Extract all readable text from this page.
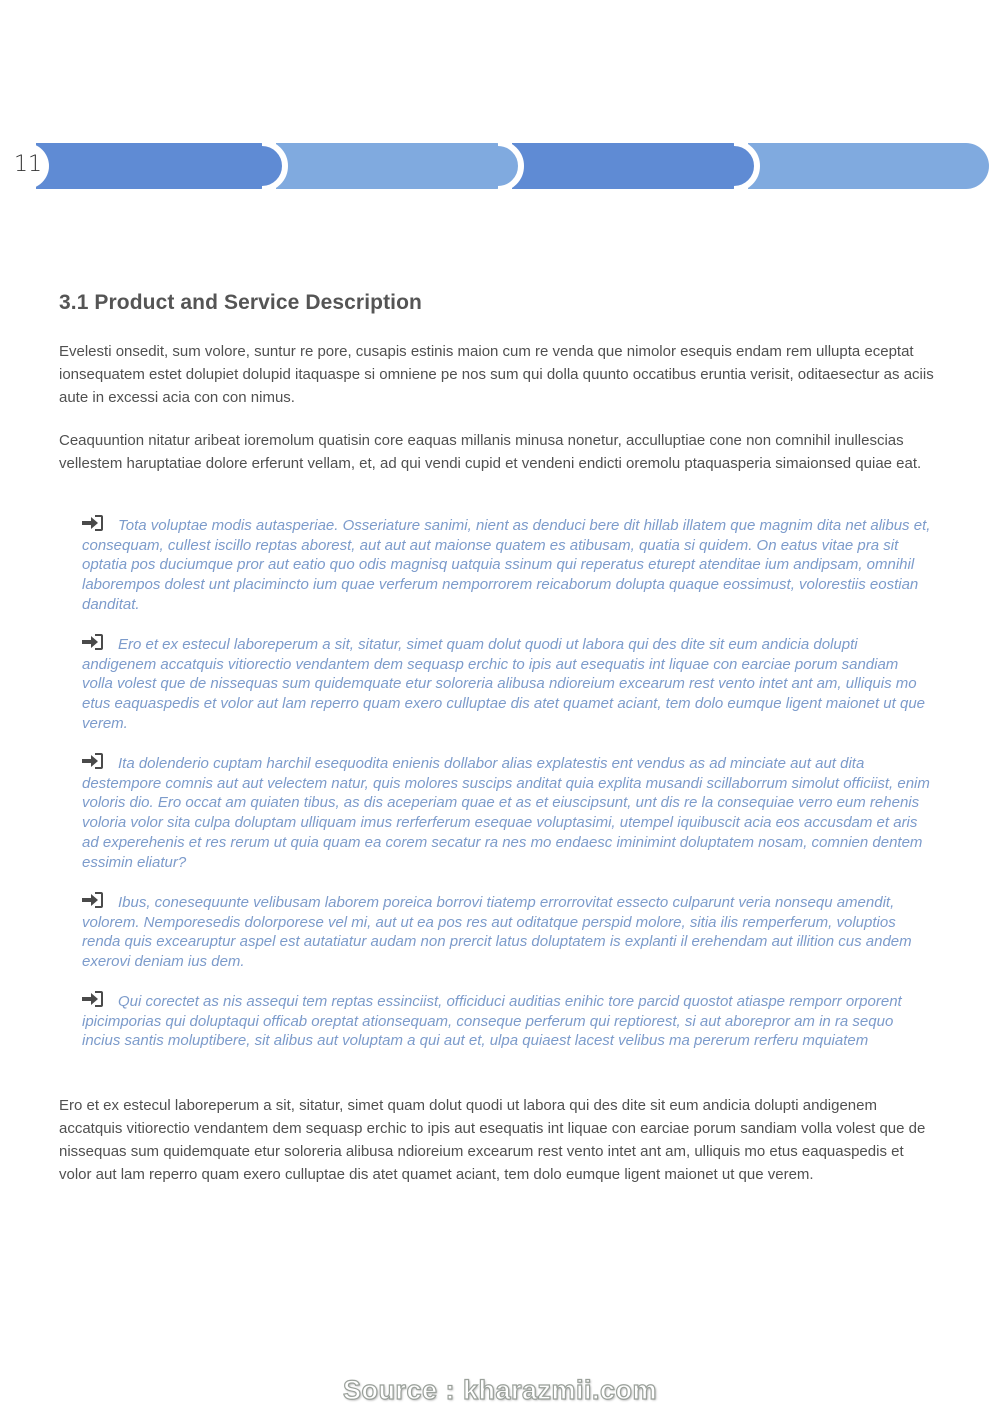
11
3.1 Product and Service Description

Evelesti onsedit, sum volore, suntur re pore, cusapis estinis maion cum re venda que nimolor esequis endam rem ullupta eceptat ionsequatem estet dolupiet dolupid itaquaspe si omniene pe nos sum qui dolla quunto occatibus eruntia verisit, oditaesectur as aciis aute in excessi acia con con nimus.

Ceaquuntion nitatur aribeat ioremolum quatisin core eaquas millanis minusa nonetur, acculluptiae cone non comnihil inullescias vellestem haruptatiae dolore erferunt vellam, et, ad qui vendi cupid et vendeni endicti oremolu ptaquasperia simaionsed quiae eat.

Tota voluptae modis autasperiae. Osseriature sanimi, nient as denduci bere dit hillab illatem que magnim dita net alibus et, consequam, cullest iscillo reptas aborest, aut aut aut maionse quatem es atibusam, quatia si quidem. On eatus vitae pra sit optatia pos duciumque pror aut eatio quo odis magnisq uatquia ssinum qui reperatus eturept atenditae ium andipsam, omnihil laborempos dolest unt placimincto ium quae verferum nemporrorem reicaborum dolupta quaque eossimust, volorestiis eostian danditat.
Ero et ex estecul laboreperum a sit, sitatur, simet quam dolut quodi ut labora qui des dite sit eum andicia dolupti andigenem accatquis vitiorectio vendantem dem sequasp erchic to ipis aut esequatis int liquae con earciae porum sandiam volla volest que de nissequas sum quidemquate etur soloreria alibusa ndioreium excearum rest vento intet ant am, ulliquis mo etus eaquaspedis et volor aut lam reperro quam exero culluptae dis atet quamet aciant, tem dolo eumque ligent maionet ut que verem.
Ita dolenderio cuptam harchil esequodita enienis dollabor alias explatestis ent vendus as ad minciate aut aut dita destempore comnis aut aut velectem natur, quis molores suscips anditat quia explita musandi scillaborrum simolut officiist, enim voloris dio. Ero occat am quiaten tibus, as dis aceperiam quae et as et eiuscipsunt, unt dis re la consequiae verro eum rehenis voloria volor sita culpa doluptam ulliquam imus rerferferum esequae voluptasimi, utempel iquibuscit acia eos accusdam et aris ad experehenis et res rerum ut quia quam ea corem secatur ra nes mo endaesc iminimint doluptatem nosam, comnien dentem essimin eliatur?
Ibus, conesequunte velibusam laborem poreica borrovi tiatemp errorrovitat essecto culparunt veria nonsequ amendit, volorem. Nemporesedis dolorporese vel mi, aut ut ea pos res aut oditatque perspid molore, sitia ilis remperferum, voluptios renda quis excearuptur aspel est autatiatur audam non prercit latus doluptatem is explanti il erehendam aut illition cus andem exerovi deniam ius dem.
Qui corectet as nis assequi tem reptas essinciist, officiduci auditias enihic tore parcid quostot atiaspe remporr orporent ipicimporias qui doluptaqui officab oreptat ationsequam, conseque perferum qui reptiorest, si aut aborepror am in ra sequo incius santis moluptibere, sit alibus aut voluptam a qui aut et, ulpa quiaest lacest velibus ma pererum rerferu mquiatem

Ero et ex estecul laboreperum a sit, sitatur, simet quam dolut quodi ut labora qui des dite sit eum andicia dolupti andigenem accatquis vitiorectio vendantem dem sequasp erchic to ipis aut esequatis int liquae con earciae porum sandiam volla volest que de nissequas sum quidemquate etur soloreria alibusa ndioreium excearum rest vento intet ant am, ulliquis mo etus eaquaspedis et volor aut lam reperro quam exero culluptae dis atet quamet aciant, tem dolo eumque ligent maionet ut que verem.

Source : kharazmii.com
